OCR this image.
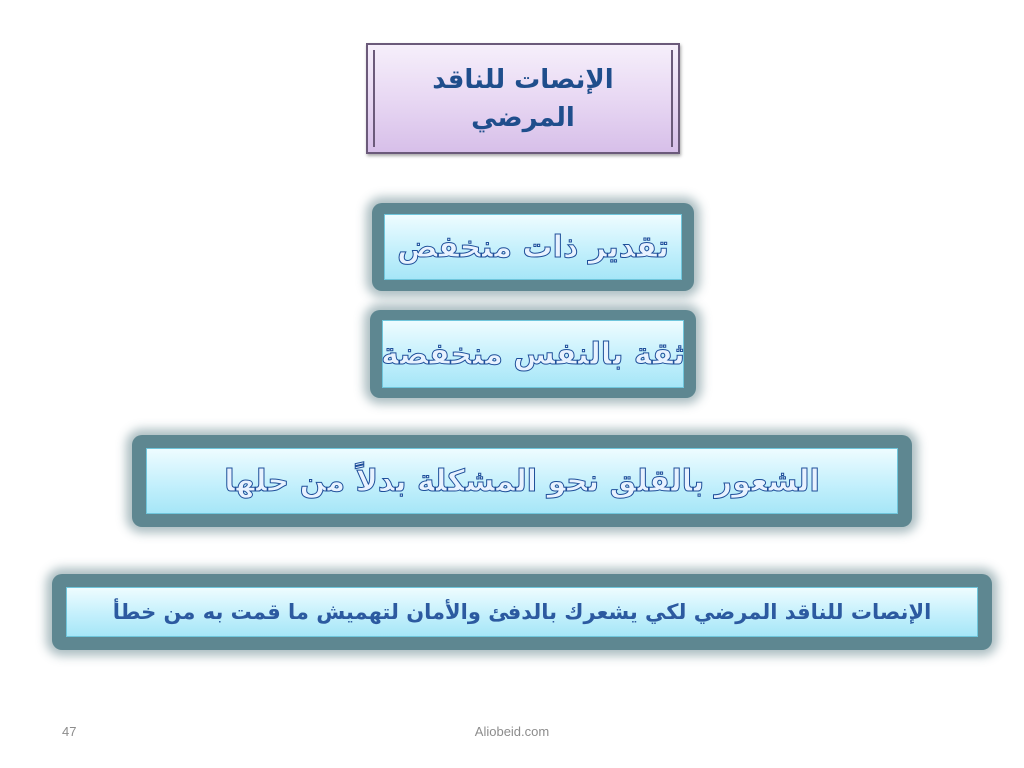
الإنصات للناقد
المرضي
تقدير ذات منخفض
ثقة بالنفس منخفضة
الشعور بالقلق نحو المشكلة بدلاً من حلها
الإنصات للناقد المرضي لكي يشعرك بالدفئ والأمان لتهميش ما قمت به من خطأ
47	Aliobeid.com
